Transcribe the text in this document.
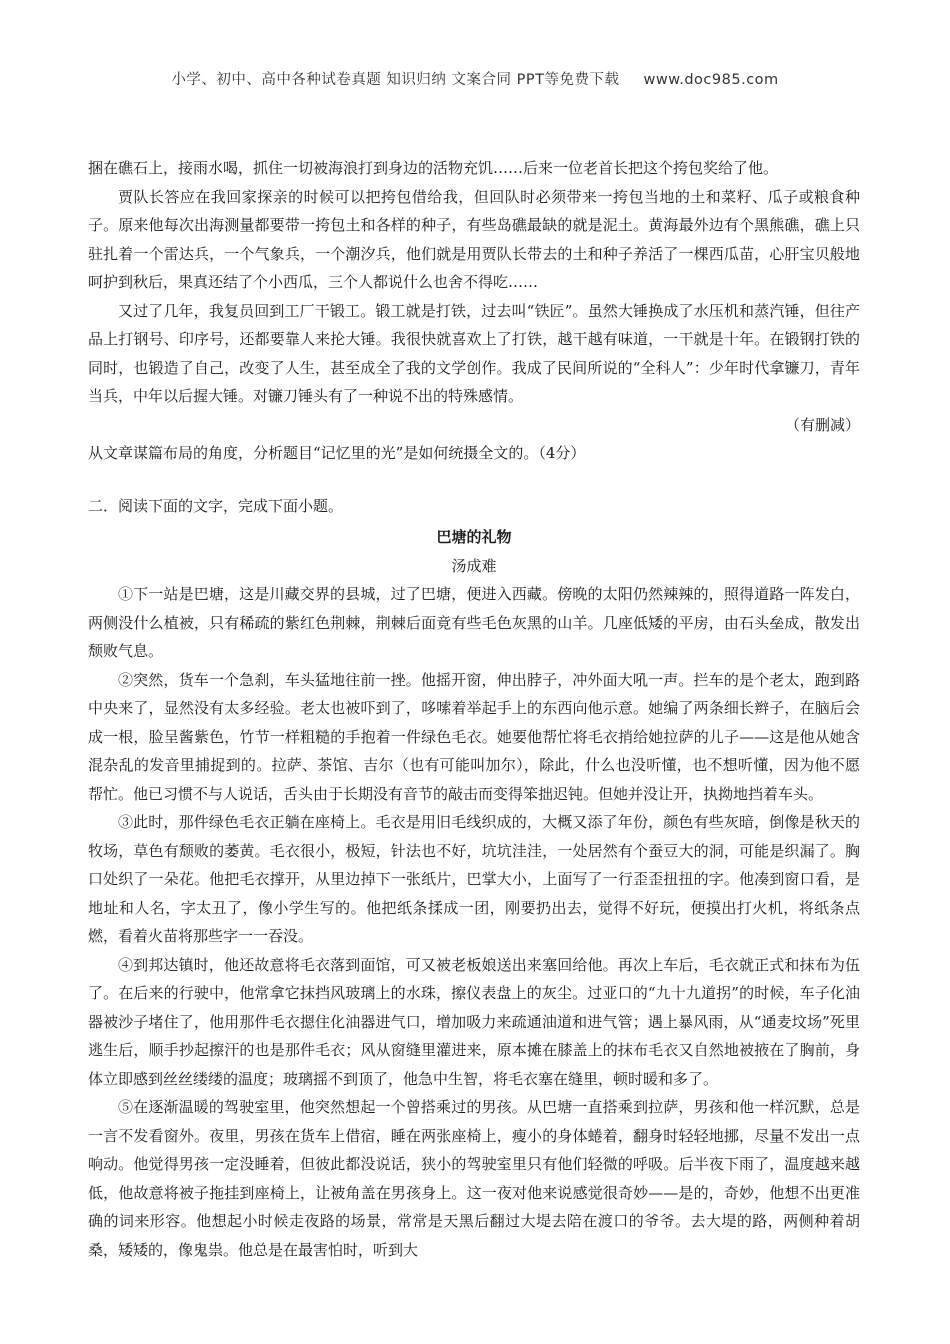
小学、初中、高中各种试卷真题 知识归纳 文案合同 PPT等免费下载 www.doc985.com

捆在礁石上，接雨水喝，抓住一切被海浪打到身边的活物充饥……后来一位老首长把这个挎包奖给了他。

贾队长答应在我回家探亲的时候可以把挎包借给我，但回队时必须带来一挎包当地的土和菜籽、瓜子或粮食种子。原来他每次出海测量都要带一挎包土和各样的种子，有些岛礁最缺的就是泥土。黄海最外边有个黑熊礁，礁上只驻扎着一个雷达兵，一个气象兵，一个潮汐兵，他们就是用贾队长带去的土和种子养活了一棵西瓜苗，心肝宝贝般地呵护到秋后，果真还结了个小西瓜，三个人都说什么也舍不得吃……

又过了几年，我复员回到工厂干锻工。锻工就是打铁，过去叫“铁匠”。虽然大锤换成了水压机和蒸汽锤，但往产品上打钢号、印序号，还都要靠人来抡大锤。我很快就喜欢上了打铁，越干越有味道，一干就是十年。在锻钢打铁的同时，也锻造了自己，改变了人生，甚至成全了我的文学创作。我成了民间所说的“全科人”：少年时代拿镰刀，青年当兵，中年以后握大锤。对镰刀锤头有了一种说不出的特殊感情。

（有删减）

从文章谋篇布局的角度，分析题目“记忆里的光”是如何统摄全文的。（4分）

二．阅读下面的文字，完成下面小题。

巴塘的礼物

汤成难

①下一站是巴塘，这是川藏交界的县城，过了巴塘，便进入西藏。傍晚的太阳仍然辣辣的，照得道路一阵发白，两侧没什么植被，只有稀疏的紫红色荆棘，荆棘后面竟有些毛色灰黑的山羊。几座低矮的平房，由石头垒成，散发出颓败气息。

②突然，货车一个急刹，车头猛地往前一挫。他摇开窗，伸出脖子，冲外面大吼一声。拦车的是个老太，跑到路中央来了，显然没有太多经验。老太也被吓到了，哆嗦着举起手上的东西向他示意。她编了两条细长辫子，在脑后会成一根，脸呈酱紫色，竹节一样粗糙的手抱着一件绿色毛衣。她要他帮忙将毛衣捎给她拉萨的儿子——这是他从她含混杂乱的发音里捕捉到的。拉萨、茶馆、吉尔（也有可能叫加尔），除此，什么也没听懂，也不想听懂，因为他不愿帮忙。他已习惯不与人说话，舌头由于长期没有音节的敲击而变得笨拙迟钝。但她并没让开，执拗地挡着车头。

③此时，那件绿色毛衣正躺在座椅上。毛衣是用旧毛线织成的，大概又添了年份，颜色有些灰暗，倒像是秋天的牧场，草色有颓败的萎黄。毛衣很小，极短，针法也不好，坑坑洼洼，一处居然有个蚕豆大的洞，可能是织漏了。胸口处织了一朵花。他把毛衣撑开，从里边掉下一张纸片，巴掌大小，上面写了一行歪歪扭扭的字。他凑到窗口看，是地址和人名，字太丑了，像小学生写的。他把纸条揉成一团，刚要扔出去，觉得不好玩，便摸出打火机，将纸条点燃，看着火苗将那些字一一吞没。

④到邦达镇时，他还故意将毛衣落到面馆，可又被老板娘送出来塞回给他。再次上车后，毛衣就正式和抹布为伍了。在后来的行驶中，他常拿它抹挡风玻璃上的水珠，擦仪表盘上的灰尘。过亚口的“九十九道拐”的时候，车子化油器被沙子堵住了，他用那件毛衣摁住化油器进气口，增加吸力来疏通油道和进气管；遇上暴风雨，从“通麦坟场”死里逃生后，顺手抄起擦汗的也是那件毛衣；风从窗缝里灌进来，原本摊在膝盖上的抹布毛衣又自然地被掖在了胸前，身体立即感到丝丝缕缕的温度；玻璃摇不到顶了，他急中生智，将毛衣塞在缝里，顿时暖和多了。

⑤在逐渐温暖的驾驶室里，他突然想起一个曾搭乘过的男孩。从巴塘一直搭乘到拉萨，男孩和他一样沉默，总是一言不发看窗外。夜里，男孩在货车上借宿，睡在两张座椅上，瘦小的身体蜷着，翻身时轻轻地挪，尽量不发出一点响动。他觉得男孩一定没睡着，但彼此都没说话，狭小的驾驶室里只有他们轻微的呼吸。后半夜下雨了，温度越来越低，他故意将被子拖挂到座椅上，让被角盖在男孩身上。这一夜对他来说感觉很奇妙——是的，奇妙，他想不出更准确的词来形容。他想起小时候走夜路的场景，常常是天黑后翻过大堤去陪在渡口的爷爷。去大堤的路，两侧种着胡桑，矮矮的，像鬼祟。他总是在最害怕时，听到大
